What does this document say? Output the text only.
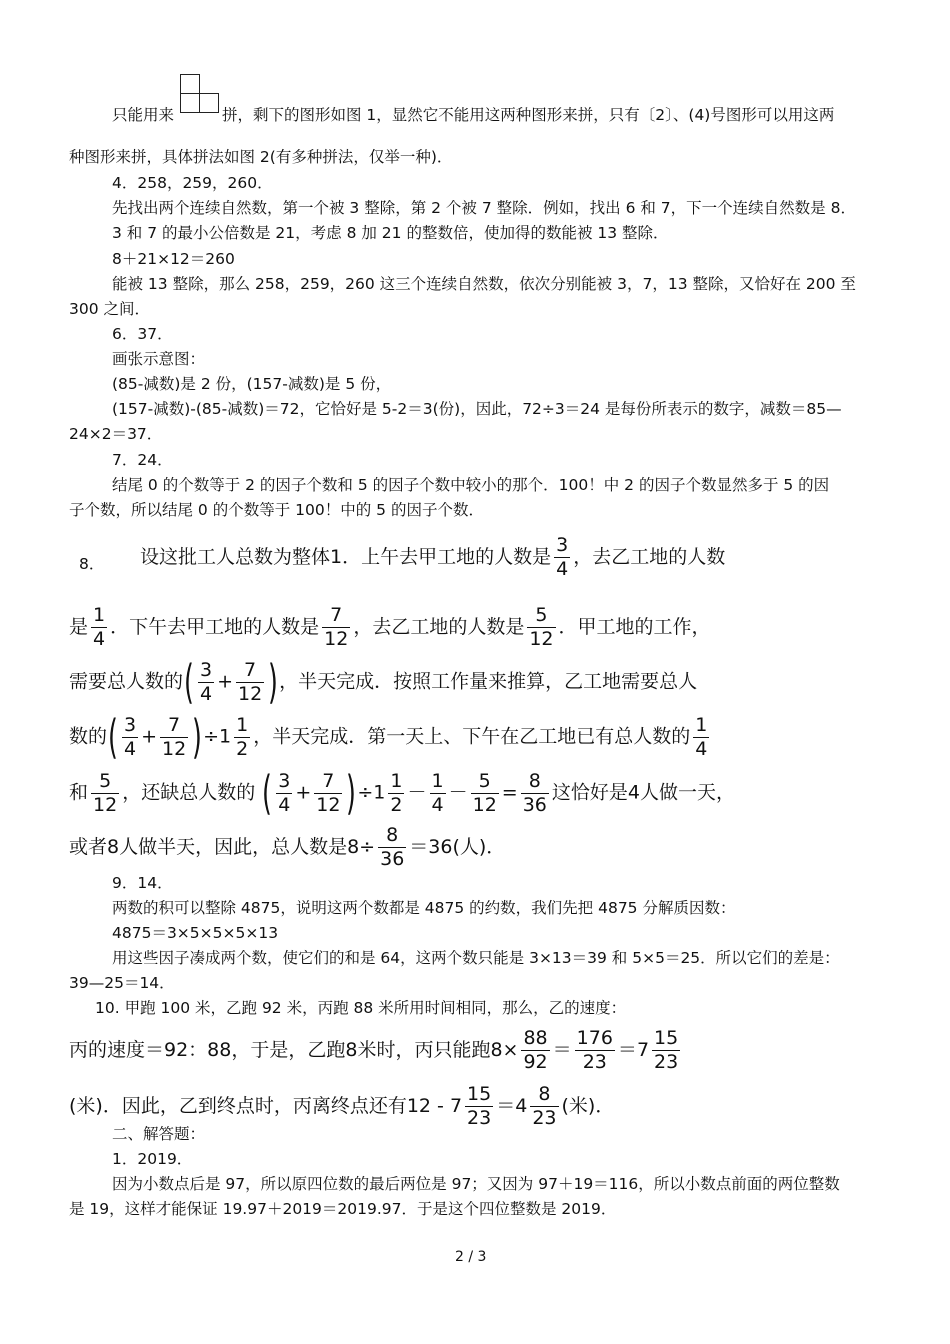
只能用来	拼，剩下的图形如图 1，显然它不能用这两种图形来拼，只有〔2〕、(4)号图形可以用这两
种图形来拼，具体拼法如图 2(有多种拼法，仅举一种)．
4．258，259，260．
先找出两个连续自然数，第一个被 3 整除，第 2 个被 7 整除．例如，找出 6 和 7，下一个连续自然数是 8．
3 和 7 的最小公倍数是 21，考虑 8 加 21 的整数倍，使加得的数能被 13 整除．
8＋21×12＝260
能被 13 整除，那么 258，259，260 这三个连续自然数，依次分别能被 3，7，13 整除，又恰好在 200 至
300 之间．
6．37．
画张示意图：
(85-减数)是 2 份，(157-减数)是 5 份，
(157-减数)-(85-减数)＝72，它恰好是 5-2＝3(份)，因此，72÷3＝24 是每份所表示的数字，减数＝85—
24×2＝37．
7．24．
结尾 0 的个数等于 2 的因子个数和 5 的因子个数中较小的那个．100！中 2 的因子个数显然多于 5 的因
子个数，所以结尾 0 的个数等于 100！中的 5 的因子个数．
8． 设这批工人总数为整体1．上午去甲工地的人数是 $\frac{3}{4}$ ，去乙工地的人数
是 $\frac{1}{4}$ ．下午去甲工地的人数是 $\frac{7}{12}$ ，去乙工地的人数是 $\frac{5}{12}$ ．甲工地的工作，
需要总人数的( $\frac{3}{4} + \frac{7}{12}$ )，半天完成．按照工作量来推算，乙工地需要总人
数的( $\frac{3}{4} + \frac{7}{12} )\div 1 \frac{1}{2}$ ，半天完成．第一天上、下午在乙工地已有总人数的 $\frac{1}{4}$
和 $\frac{5}{12}$ ，还缺总人数的 ( $\frac{3}{4} + \frac{7}{12} )\div 1 \frac{1}{2} - \frac{1}{4} - \frac{5}{12} = \frac{8}{36}$ 这恰好是4人做一天，
或者8人做半天，因此，总人数是$8\div \frac{8}{36} =36$(人)．
9．14．
两数的积可以整除 4875，说明这两个数都是 4875 的约数，我们先把 4875 分解质因数：
4875＝3×5×5×5×13
用这些因子凑成两个数，使它们的和是 64，这两个数只能是 3×13＝39 和 5×5＝25．所以它们的差是：
39—25＝14．
10. 甲跑 100 米，乙跑 92 米，丙跑 88 米所用时间相同，那么，乙的速度：
丙的速度＝92：88，于是，乙跑8米时，丙只能跑$8\times \frac{88}{92} = \frac{176}{23} =7 \frac{15}{23}$
(米)．因此，乙到终点时，丙离终点还有$12 - 7 \frac{15}{23} =4 \frac{8}{23}$ (米)．
二、解答题：
1．2019．
因为小数点后是 97，所以原四位数的最后两位是 97；又因为 97＋19＝116，所以小数点前面的两位整数
是 19，这样才能保证 19.97＋2019＝2019.97．于是这个四位整数是 2019．
2 / 3
